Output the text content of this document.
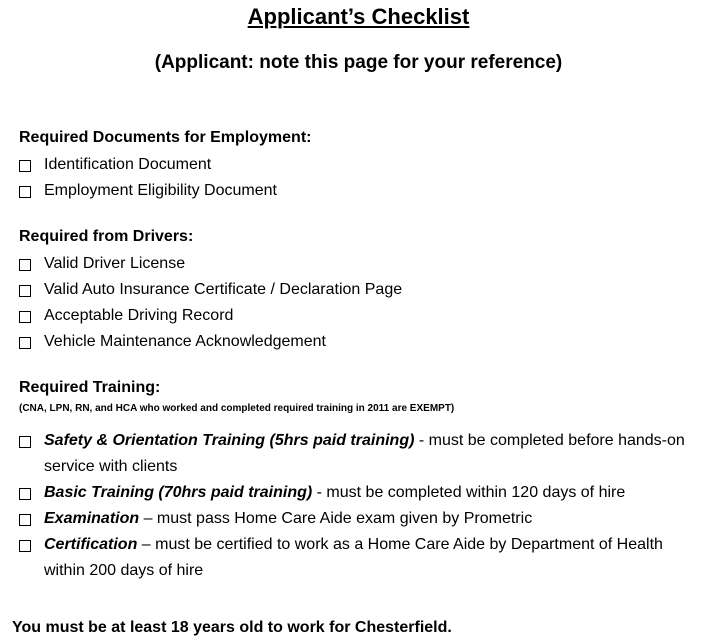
Applicant’s Checklist
(Applicant: note this page for your reference)
Required Documents for Employment:
Identification Document
Employment Eligibility Document
Required from Drivers:
Valid Driver License
Valid Auto Insurance Certificate / Declaration Page
Acceptable Driving Record
Vehicle Maintenance Acknowledgement
Required Training:
(CNA, LPN, RN, and HCA who worked and completed required training in 2011 are EXEMPT)
Safety & Orientation Training (5hrs paid training) - must be completed before hands-on service with clients
Basic Training (70hrs paid training) - must be completed within 120 days of hire
Examination – must pass Home Care Aide exam given by Prometric
Certification – must be certified to work as a Home Care Aide by Department of Health within 200 days of hire
You must be at least 18 years old to work for Chesterfield.
